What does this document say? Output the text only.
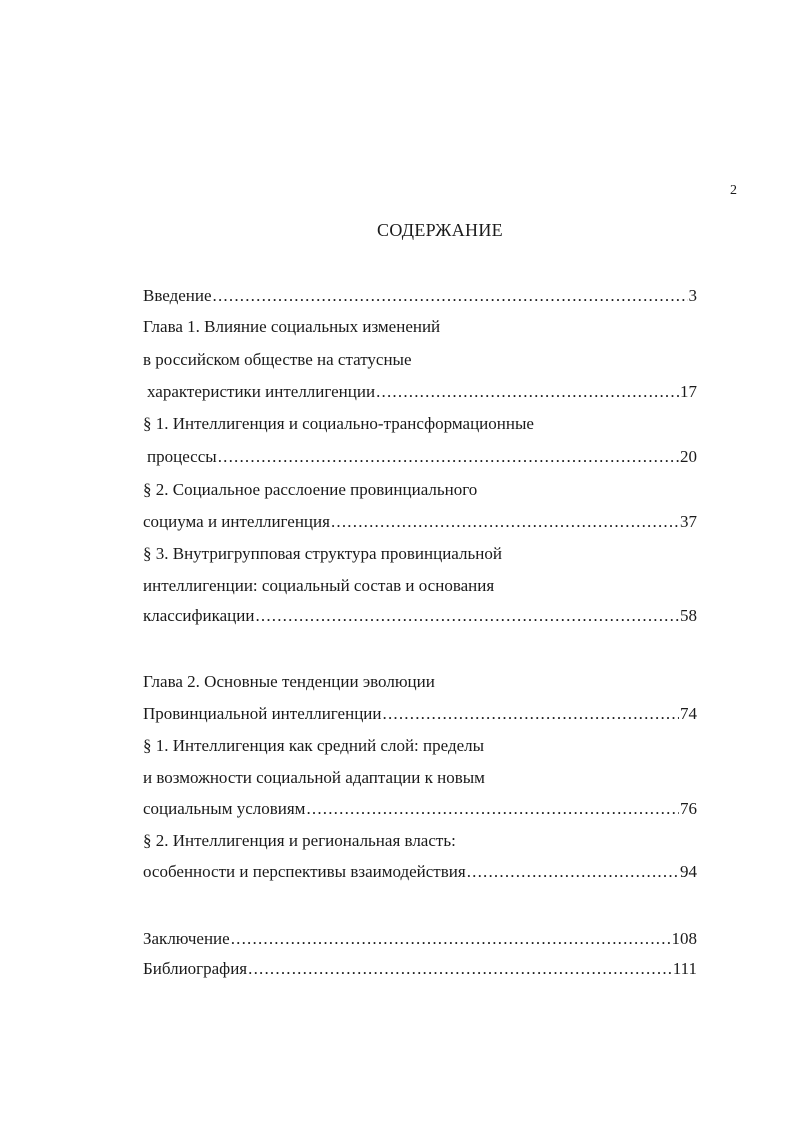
2
СОДЕРЖАНИЕ
Введение .....	3
Глава 1. Влияние социальных изменений
в российском обществе на статусные
характеристики интеллигенции .....	17
§ 1. Интеллигенция и социально-трансформационные
процессы .....	20
§ 2. Социальное расслоение провинциального
социума и интеллигенция .....	37
§ 3. Внутригрупповая структура провинциальной
интеллигенции: социальный состав и основания
классификации .....	58
Глава 2. Основные тенденции эволюции
Провинциальной интеллигенции .....	74
§ 1. Интеллигенция как средний слой: пределы
и возможности социальной адаптации к новым
социальным условиям .....	76
§ 2. Интеллигенция и региональная власть:
особенности и перспективы взаимодействия .....	94
Заключение .....	108
Библиография .....	111
